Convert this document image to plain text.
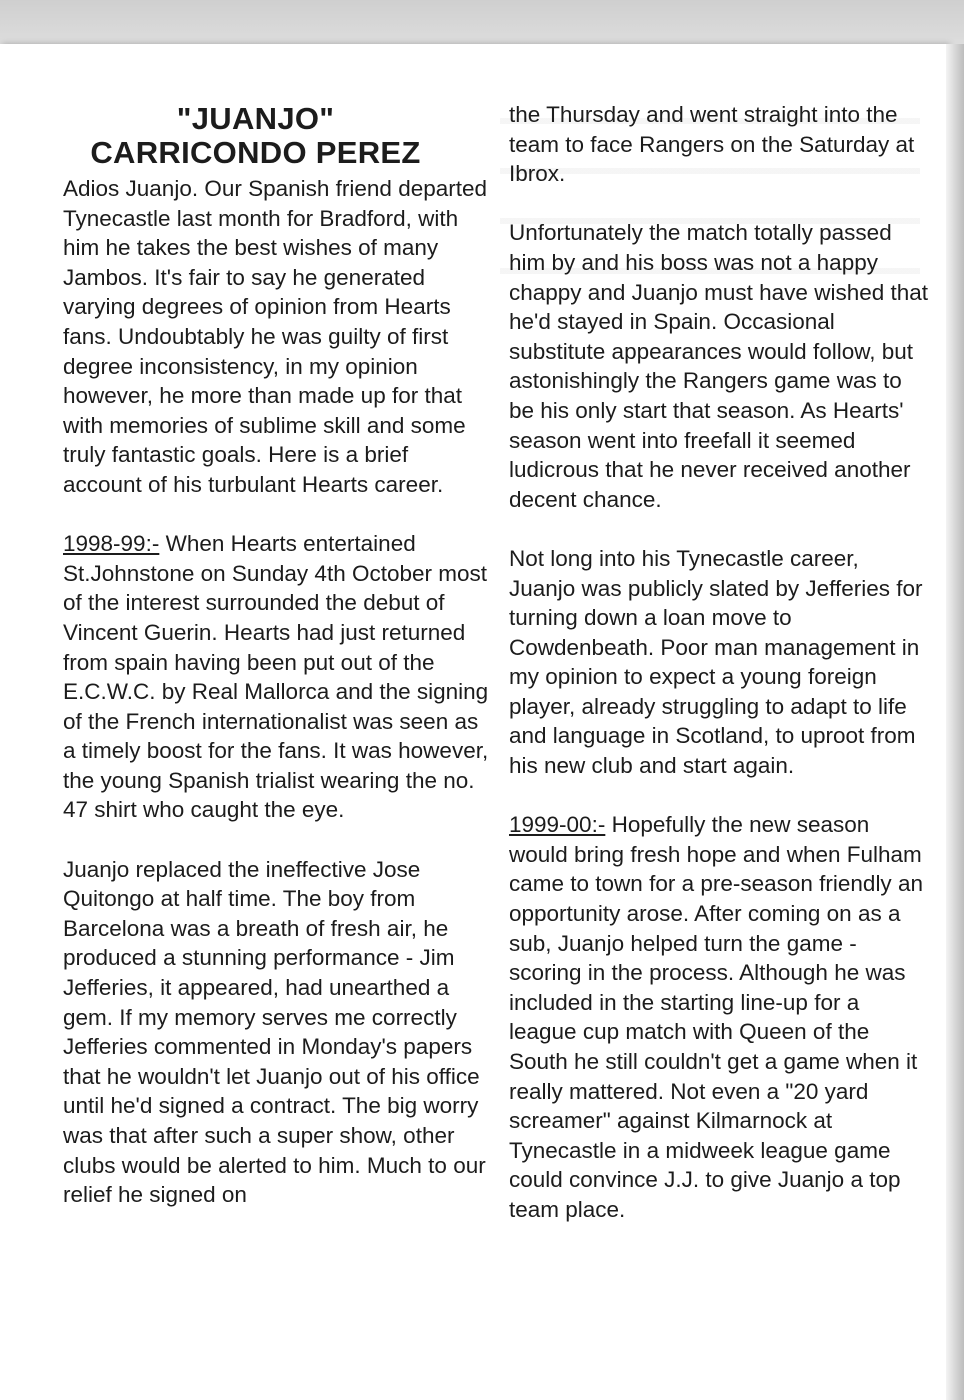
"JUANJO"
CARRICONDO PEREZ

Adios Juanjo. Our Spanish friend departed Tynecastle last month for Bradford, with him he takes the best wishes of many Jambos. It's fair to say he generated varying degrees of opinion from Hearts fans. Undoubtably he was guilty of first degree inconsistency, in my opinion however, he more than made up for that with memories of sublime skill and some truly fantastic goals. Here is a brief account of his turbulant Hearts career.

1998-99:- When Hearts entertained St.Johnstone on Sunday 4th October most of the interest surrounded the debut of Vincent Guerin. Hearts had just returned from spain having been put out of the E.C.W.C. by Real Mallorca and the signing of the French internationalist was seen as a timely boost for the fans. It was however, the young Spanish trialist wearing the no. 47 shirt who caught the eye.

Juanjo replaced the ineffective Jose Quitongo at half time. The boy from Barcelona was a breath of fresh air, he produced a stunning performance - Jim Jefferies, it appeared, had unearthed a gem. If my memory serves me correctly Jefferies commented in Monday's papers that he wouldn't let Juanjo out of his office until he'd signed a contract. The big worry was that after such a super show, other clubs would be alerted to him. Much to our relief he signed on

the Thursday and went straight into the team to face Rangers on the Saturday at Ibrox.

Unfortunately the match totally passed him by and his boss was not a happy chappy and Juanjo must have wished that he'd stayed in Spain. Occasional substitute appearances would follow, but astonishingly the Rangers game was to be his only start that season. As Hearts' season went into freefall it seemed ludicrous that he never received another decent chance.

Not long into his Tynecastle career, Juanjo was publicly slated by Jefferies for turning down a loan move to Cowdenbeath. Poor man management in my opinion to expect a young foreign player, already struggling to adapt to life and language in Scotland, to uproot from his new club and start again.

1999-00:- Hopefully the new season would bring fresh hope and when Fulham came to town for a pre-season friendly an opportunity arose. After coming on as a sub, Juanjo helped turn the game - scoring in the process. Although he was included in the starting line-up for a league cup match with Queen of the South he still couldn't get a game when it really mattered. Not even a "20 yard screamer" against Kilmarnock at Tynecastle in a midweek league game could convince J.J. to give Juanjo a top team place.
